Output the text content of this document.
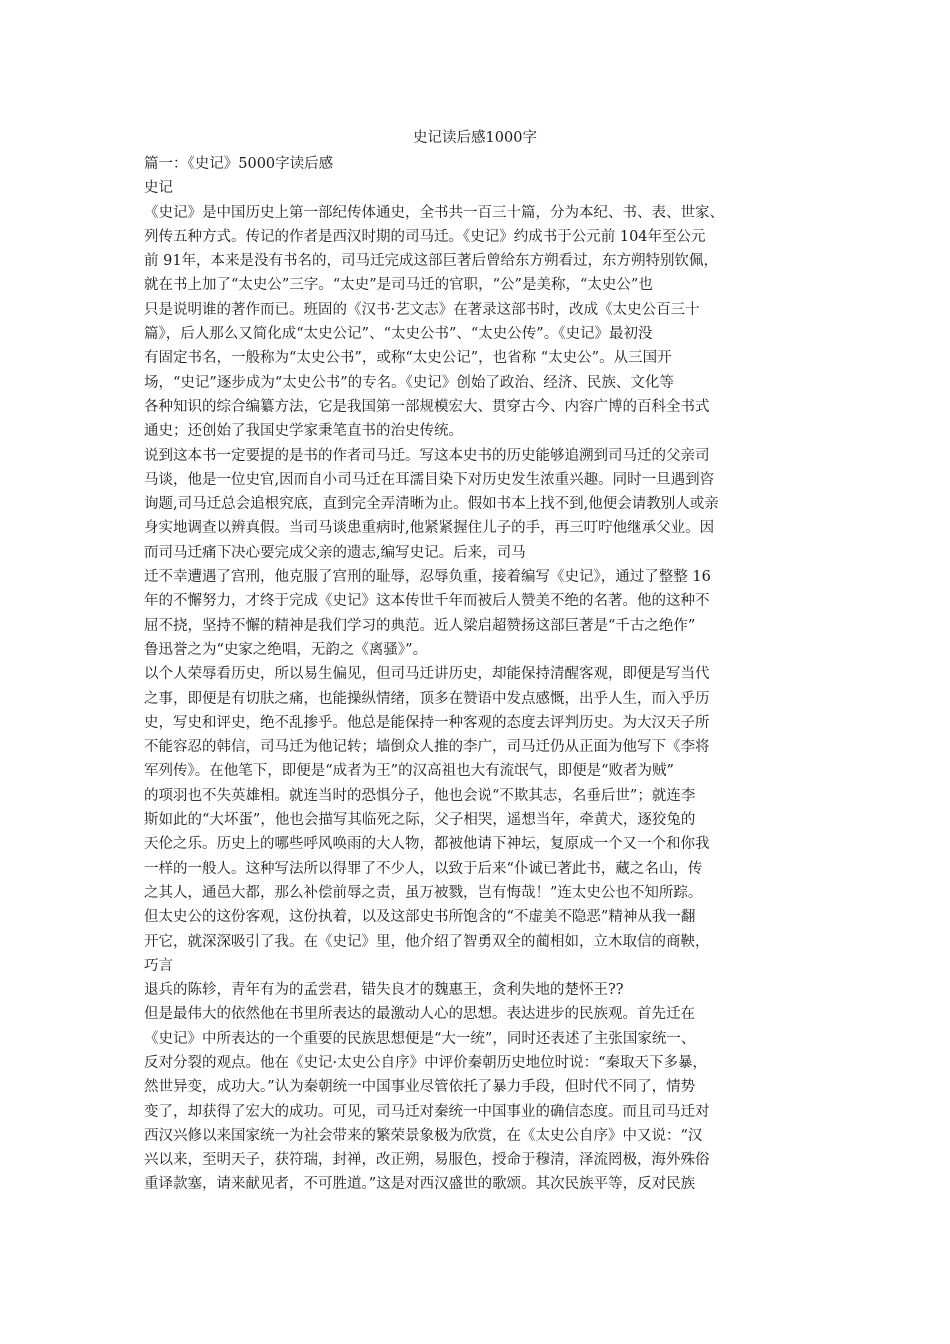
史记读后感1000字

篇一：《史记》5000字读后感

史记

《史记》是中国历史上第一部纪传体通史，全书共一百三十篇，分为本纪、书、表、世家、

列传五种方式。传记的作者是西汉时期的司马迁。《史记》约成书于公元前 104年至公元

前 91年，本来是没有书名的，司马迁完成这部巨著后曾给东方朔看过，东方朔特别钦佩，

就在书上加了“太史公”三字。“太史”是司马迁的官职，“公”是美称，“太史公”也

只是说明谁的著作而已。班固的《汉书·艺文志》在著录这部书时，改成《太史公百三十

篇》，后人那么又简化成“太史公记”、“太史公书”、“太史公传”。《史记》最初没

有固定书名，一般称为“太史公书”，或称“太史公记”，也省称 “太史公”。从三国开

场，“史记”逐步成为“太史公书”的专名。《史记》创始了政治、经济、民族、文化等

各种知识的综合编纂方法，它是我国第一部规模宏大、贯穿古今、内容广博的百科全书式

通史；还创始了我国史学家秉笔直书的治史传统。

说到这本书一定要提的是书的作者司马迁。写这本史书的历史能够追溯到司马迁的父亲司

马谈，他是一位史官,因而自小司马迁在耳濡目染下对历史发生浓重兴趣。同时一旦遇到咨

询题,司马迁总会追根究底，直到完全弄清晰为止。假如书本上找不到,他便会请教别人或亲

身实地调查以辨真假。当司马谈患重病时,他紧紧握住儿子的手，再三叮咛他继承父业。因

而司马迁痛下决心要完成父亲的遗志,编写史记。后来，司马

迁不幸遭遇了宫刑，他克服了宫刑的耻辱，忍辱负重，接着编写《史记》，通过了整整 16

年的不懈努力，才终于完成《史记》这本传世千年而被后人赞美不绝的名著。他的这种不

屈不挠，坚持不懈的精神是我们学习的典范。近人梁启超赞扬这部巨著是“千古之绝作”

鲁迅誉之为“史家之绝唱，无韵之《离骚》”。

以个人荣辱看历史，所以易生偏见，但司马迁讲历史，却能保持清醒客观，即便是写当代

之事，即便是有切肤之痛，也能操纵情绪，顶多在赞语中发点感慨，出乎人生，而入乎历

史，写史和评史，绝不乱掺乎。他总是能保持一种客观的态度去评判历史。为大汉天子所

不能容忍的韩信，司马迁为他记转；墙倒众人推的李广，司马迁仍从正面为他写下《李将

军列传》。在他笔下，即便是“成者为王”的汉高祖也大有流氓气，即便是“败者为贼”

的项羽也不失英雄相。就连当时的恐惧分子，他也会说“不欺其志，名垂后世”；就连李

斯如此的“大坏蛋”，他也会描写其临死之际，父子相哭，遥想当年，牵黄犬，逐狡兔的

天伦之乐。历史上的哪些呼风唤雨的大人物，都被他请下神坛，复原成一个又一个和你我

一样的一般人。这种写法所以得罪了不少人，以致于后来“仆诚已著此书，藏之名山，传

之其人，通邑大都，那么补偿前辱之责，虽万被戮，岂有悔哉！”连太史公也不知所踪。

但太史公的这份客观，这份执着，以及这部史书所饱含的“不虚美不隐恶”精神从我一翻

开它，就深深吸引了我。在《史记》里，他介绍了智勇双全的蔺相如，立木取信的商鞅，

巧言

退兵的陈轸，青年有为的孟尝君，错失良才的魏惠王，贪利失地的楚怀王??

但是最伟大的依然他在书里所表达的最激动人心的思想。表达进步的民族观。首先迁在

《史记》中所表达的一个重要的民族思想便是“大一统”，同时还表述了主张国家统一、

反对分裂的观点。他在《史记·太史公自序》中评价秦朝历史地位时说：“秦取天下多暴，

然世异变，成功大。”认为秦朝统一中国事业尽管依托了暴力手段，但时代不同了，情势

变了，却获得了宏大的成功。可见，司马迁对秦统一中国事业的确信态度。而且司马迁对

西汉兴修以来国家统一为社会带来的繁荣景象极为欣赏，在《太史公自序》中又说：“汉

兴以来，至明天子，获符瑞，封禅，改正朔，易服色，授命于穆清，泽流罔极，海外殊俗

重译款塞，请来献见者，不可胜道。”这是对西汉盛世的歌颂。其次民族平等，反对民族
